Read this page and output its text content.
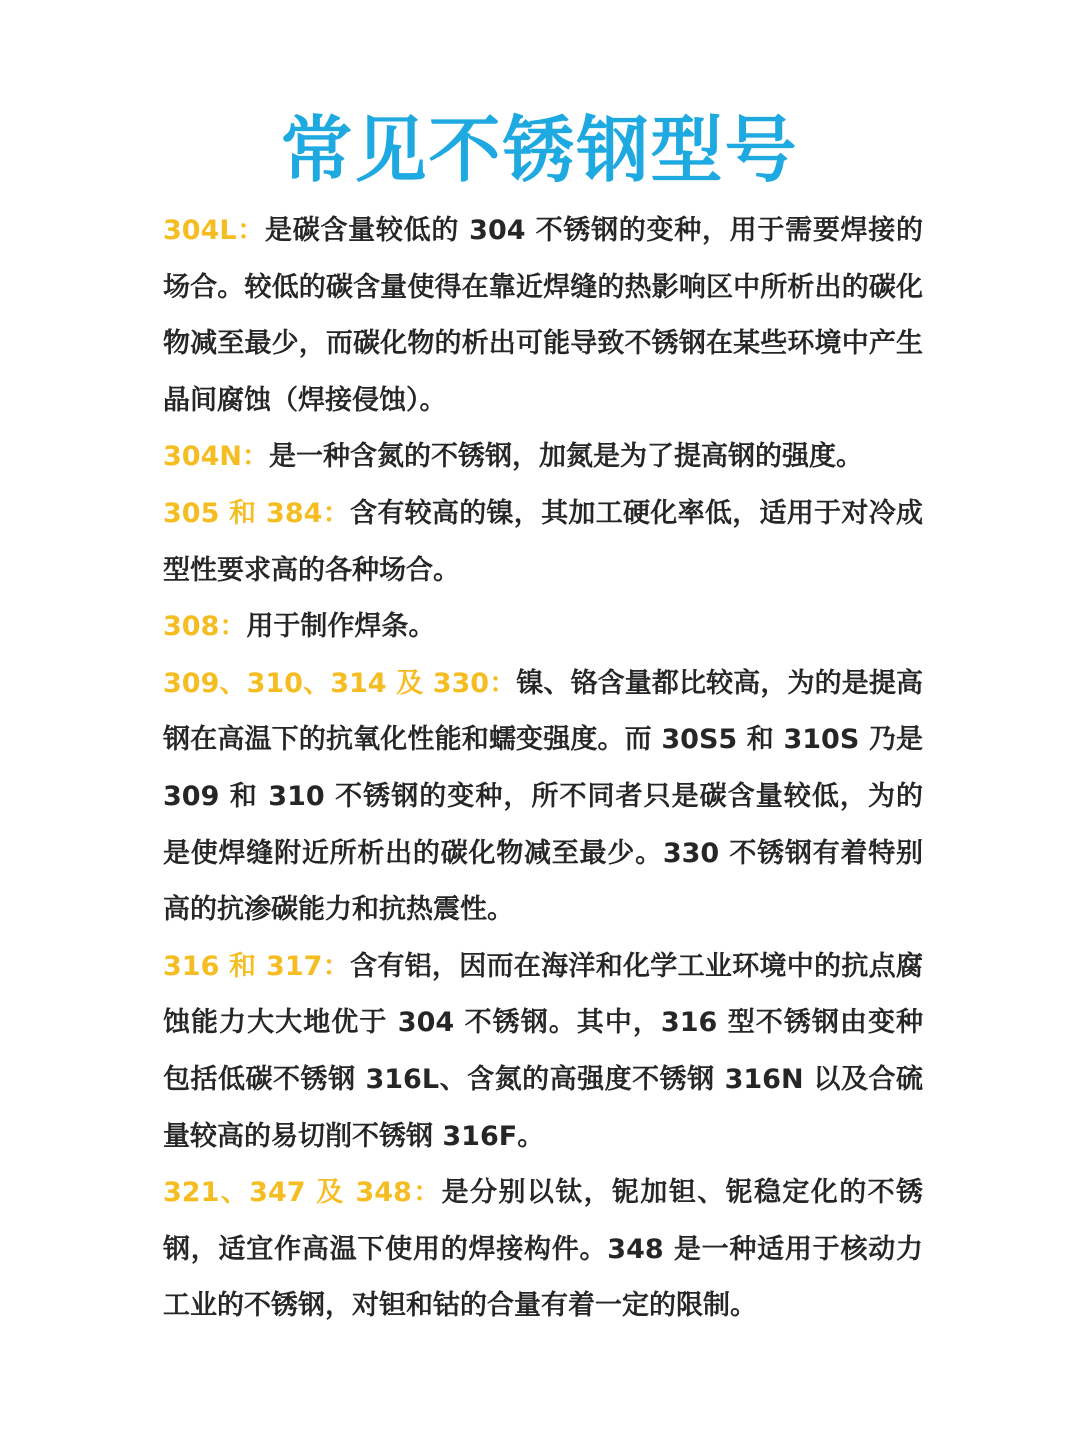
常见不锈钢型号

304L：是碳含量较低的 304 不锈钢的变种，用于需要焊接的场合。较低的碳含量使得在靠近焊缝的热影响区中所析出的碳化物减至最少，而碳化物的析出可能导致不锈钢在某些环境中产生晶间腐蚀（焊接侵蚀）。

304N：是一种含氮的不锈钢，加氮是为了提高钢的强度。

305 和 384：含有较高的镍，其加工硬化率低，适用于对冷成型性要求高的各种场合。

308：用于制作焊条。

309、310、314 及 330：镍、铬含量都比较高，为的是提高钢在高温下的抗氧化性能和蠕变强度。而 30S5 和 310S 乃是 309 和 310 不锈钢的变种，所不同者只是碳含量较低，为的是使焊缝附近所析出的碳化物减至最少。330 不锈钢有着特别高的抗渗碳能力和抗热震性。

316 和 317：含有铝，因而在海洋和化学工业环境中的抗点腐蚀能力大大地优于 304 不锈钢。其中，316 型不锈钢由变种包括低碳不锈钢 316L、含氮的高强度不锈钢 316N 以及合硫量较高的易切削不锈钢 316F。

321、347 及 348：是分别以钛，铌加钽、铌稳定化的不锈钢，适宜作高温下使用的焊接构件。348 是一种适用于核动力工业的不锈钢，对钽和钴的合量有着一定的限制。
